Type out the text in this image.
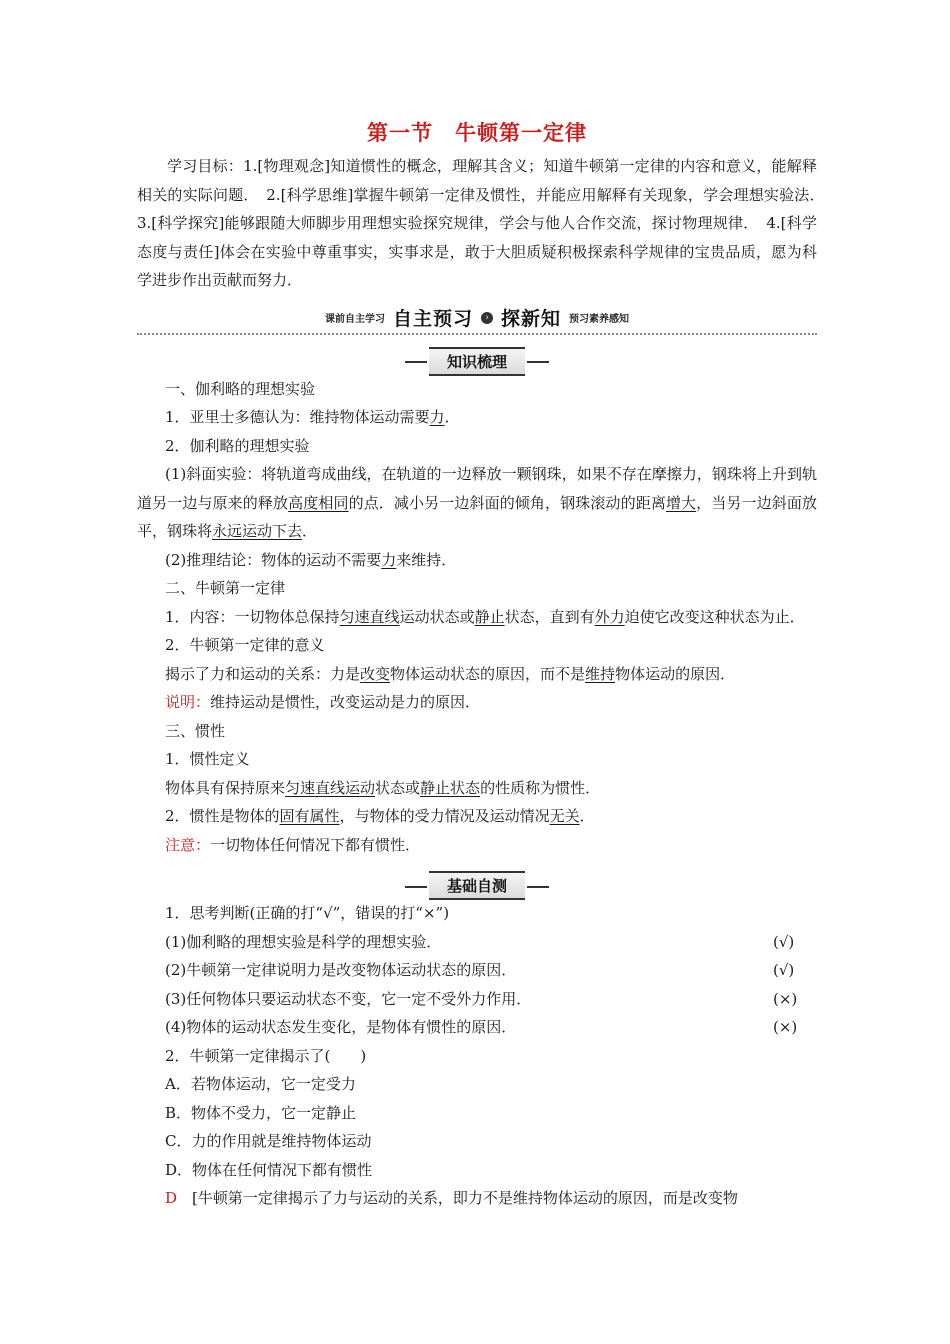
第一节　牛顿第一定律

学习目标：1.[物理观念]知道惯性的概念，理解其含义；知道牛顿第一定律的内容和意义，能解释相关的实际问题．　2.[科学思维]掌握牛顿第一定律及惯性，并能应用解释有关现象，学会理想实验法．　3.[科学探究]能够跟随大师脚步用理想实验探究规律，学会与他人合作交流，探讨物理规律．　4.[科学态度与责任]体会在实验中尊重事实，实事求是，敢于大胆质疑积极探索科学规律的宝贵品质，愿为科学进步作出贡献而努力．

课前自主学习 自主预习	› 探新知 预习素养感知
知识梳理

一、伽利略的理想实验

1．亚里士多德认为：维持物体运动需要力．

2．伽利略的理想实验

(1)斜面实验：将轨道弯成曲线，在轨道的一边释放一颗钢珠，如果不存在摩擦力，钢珠将上升到轨道另一边与原来的释放高度相同的点．减小另一边斜面的倾角，钢珠滚动的距离增大，当另一边斜面放平，钢珠将永远运动下去．

(2)推理结论：物体的运动不需要力来维持．

二、牛顿第一定律

1．内容：一切物体总保持匀速直线运动状态或静止状态，直到有外力迫使它改变这种状态为止．

2．牛顿第一定律的意义

揭示了力和运动的关系：力是改变物体运动状态的原因，而不是维持物体运动的原因．

说明：维持运动是惯性，改变运动是力的原因．

三、惯性

1．惯性定义

物体具有保持原来匀速直线运动状态或静止状态的性质称为惯性．

2．惯性是物体的固有属性，与物体的受力情况及运动情况无关．

注意：一切物体任何情况下都有惯性．

基础自测

1．思考判断(正确的打“√”，错误的打“×”)

(1)伽利略的理想实验是科学的理想实验．	(√)
(2)牛顿第一定律说明力是改变物体运动状态的原因．	(√)
(3)任何物体只要运动状态不变，它一定不受外力作用．	(×)
(4)物体的运动状态发生变化，是物体有惯性的原因．	(×)

2．牛顿第一定律揭示了(　　)

A．若物体运动，它一定受力

B．物体不受力，它一定静止

C．力的作用就是维持物体运动

D．物体在任何情况下都有惯性

D　[牛顿第一定律揭示了力与运动的关系，即力不是维持物体运动的原因，而是改变物
